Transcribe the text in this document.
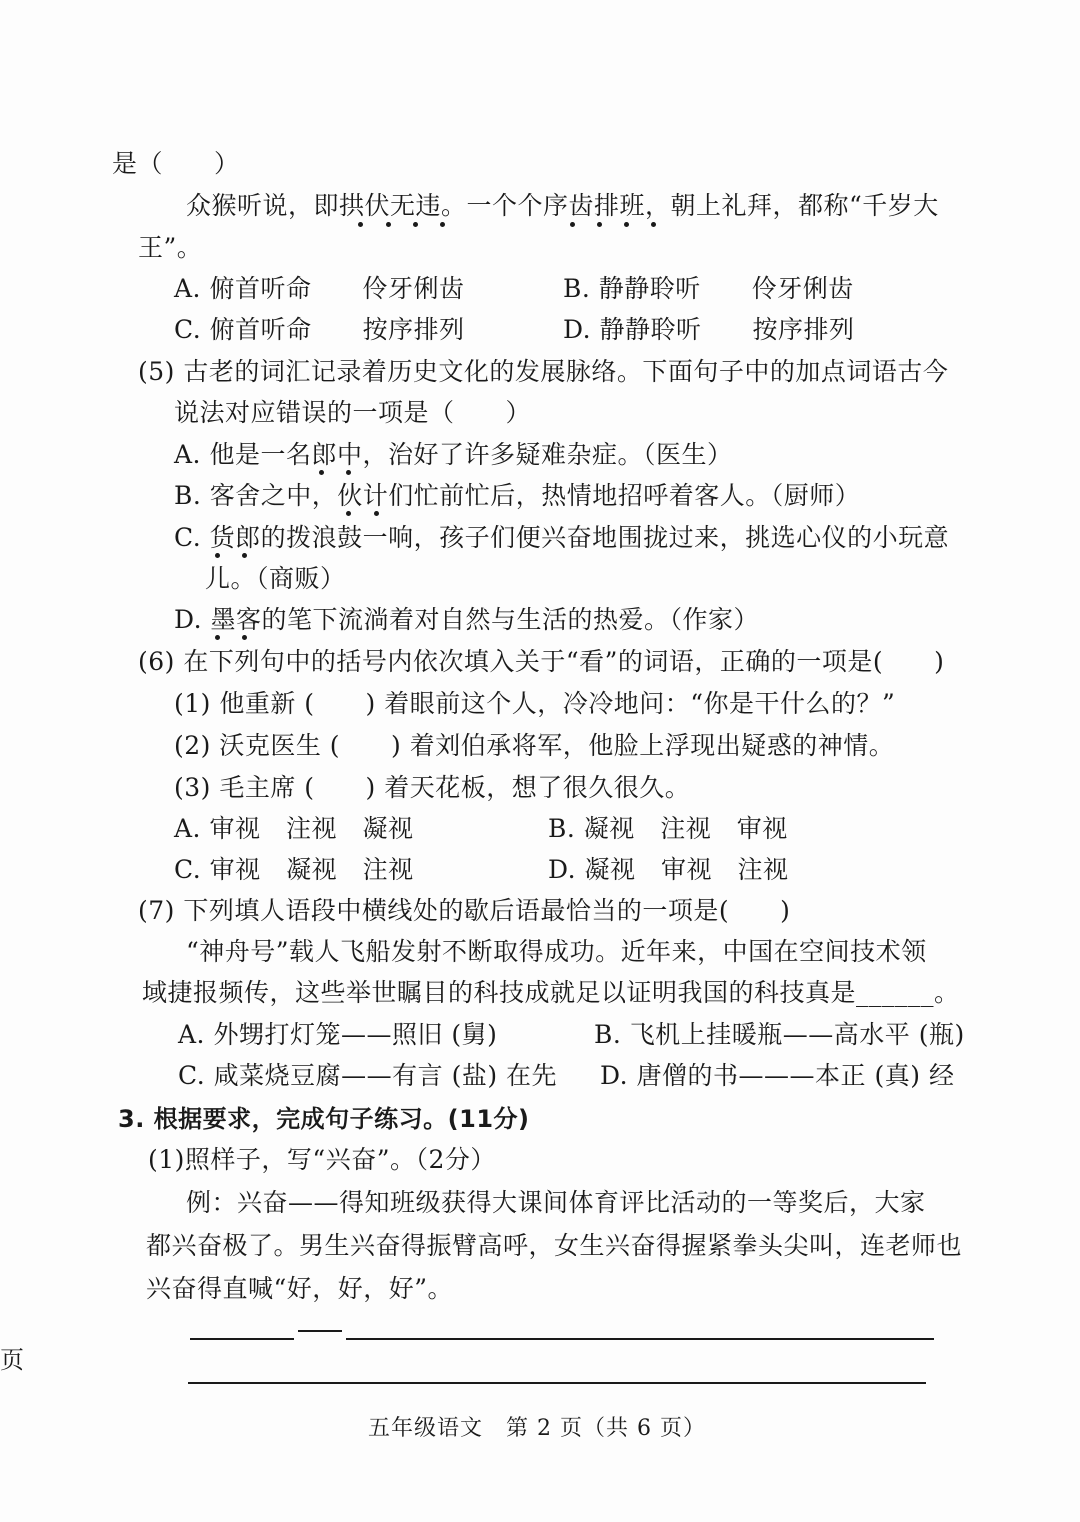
是（　　）
众猴听说，即拱伏无违。一个个序齿排班，朝上礼拜，都称“千岁大
王”。
A. 俯首听命　　伶牙俐齿	B. 静静聆听　　伶牙俐齿
C. 俯首听命　　按序排列	D. 静静聆听　　按序排列
(5) 古老的词汇记录着历史文化的发展脉络。下面句子中的加点词语古今
说法对应错误的一项是（　　）
A. 他是一名郎中，治好了许多疑难杂症。（医生）
B. 客舍之中，伙计们忙前忙后，热情地招呼着客人。（厨师）
C. 货郎的拨浪鼓一响，孩子们便兴奋地围拢过来，挑选心仪的小玩意
儿。（商贩）
D. 墨客的笔下流淌着对自然与生活的热爱。（作家）
(6) 在下列句中的括号内依次填入关于“看”的词语，正确的一项是(　　)
(1) 他重新 (　　) 着眼前这个人，冷冷地问：“你是干什么的？”
(2) 沃克医生 (　　) 着刘伯承将军，他脸上浮现出疑惑的神情。
(3) 毛主席 (　　) 着天花板，想了很久很久。
A. 审视　注视　凝视	B. 凝视　注视　审视
C. 审视　凝视　注视	D. 凝视　审视　注视
(7) 下列填人语段中横线处的歇后语最恰当的一项是(　　)
“神舟号”载人飞船发射不断取得成功。近年来，中国在空间技术领
域捷报频传，这些举世瞩目的科技成就足以证明我国的科技真是______。
A. 外甥打灯笼——照旧 (舅)	B. 飞机上挂暖瓶——高水平 (瓶)
C. 咸菜烧豆腐——有言 (盐) 在先 D. 唐僧的书———本正 (真) 经
3. 根据要求，完成句子练习。(11分)
(1)照样子，写“兴奋”。（2分）
例：兴奋——得知班级获得大课间体育评比活动的一等奖后，大家
都兴奋极了。男生兴奋得振臂高呼，女生兴奋得握紧拳头尖叫，连老师也
兴奋得直喊“好，好，好”。
页
五年级语文　第 2 页（共 6 页）
